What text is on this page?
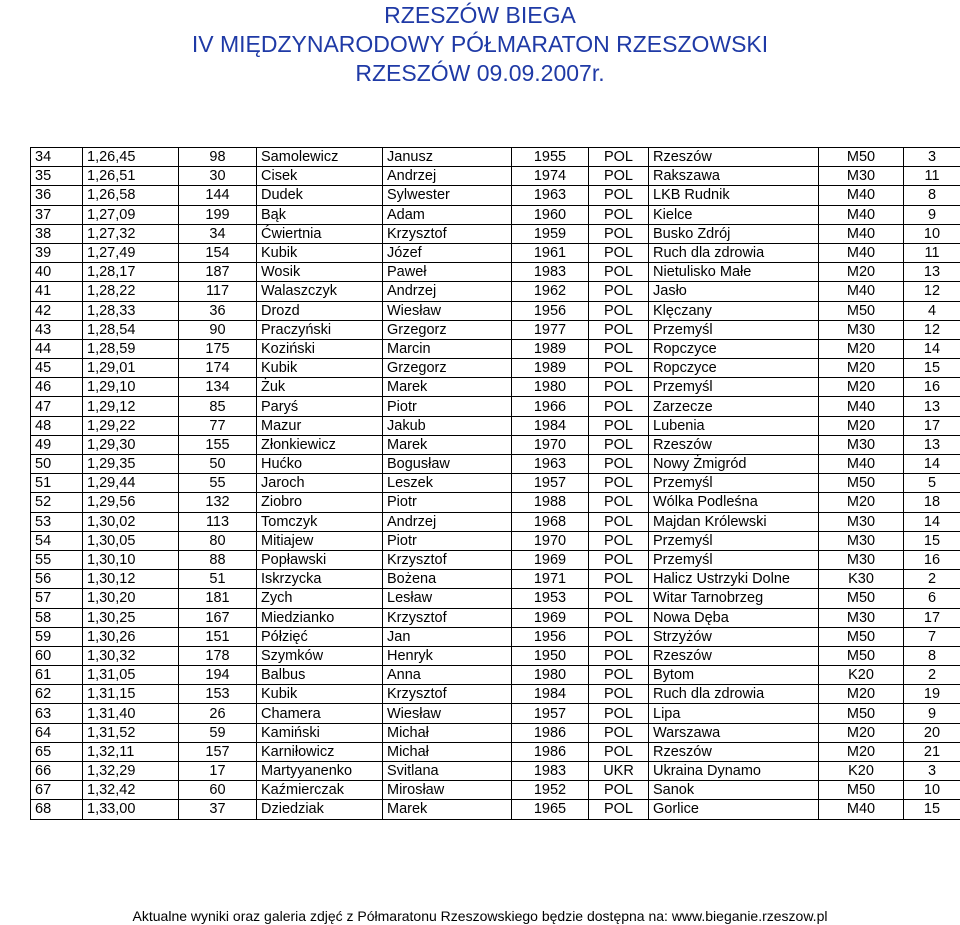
RZESZÓW BIEGA
IV MIĘDZYNARODOWY PÓŁMARATON RZESZOWSKI
RZESZÓW 09.09.2007r.
34	1,26,45	98	Samolewicz	Janusz	1955	POL	Rzeszów	M50	3
35	1,26,51	30	Cisek	Andrzej	1974	POL	Rakszawa	M30	11
36	1,26,58	144	Dudek	Sylwester	1963	POL	LKB Rudnik	M40	8
37	1,27,09	199	Bąk	Adam	1960	POL	Kielce	M40	9
38	1,27,32	34	Ćwiertnia	Krzysztof	1959	POL	Busko Zdrój	M40	10
39	1,27,49	154	Kubik	Józef	1961	POL	Ruch dla zdrowia	M40	11
40	1,28,17	187	Wosik	Paweł	1983	POL	Nietulisko Małe	M20	13
41	1,28,22	117	Walaszczyk	Andrzej	1962	POL	Jasło	M40	12
42	1,28,33	36	Drozd	Wiesław	1956	POL	Klęczany	M50	4
43	1,28,54	90	Praczyński	Grzegorz	1977	POL	Przemyśl	M30	12
44	1,28,59	175	Koziński	Marcin	1989	POL	Ropczyce	M20	14
45	1,29,01	174	Kubik	Grzegorz	1989	POL	Ropczyce	M20	15
46	1,29,10	134	Żuk	Marek	1980	POL	Przemyśl	M20	16
47	1,29,12	85	Paryś	Piotr	1966	POL	Zarzecze	M40	13
48	1,29,22	77	Mazur	Jakub	1984	POL	Lubenia	M20	17
49	1,29,30	155	Złonkiewicz	Marek	1970	POL	Rzeszów	M30	13
50	1,29,35	50	Hućko	Bogusław	1963	POL	Nowy Żmigród	M40	14
51	1,29,44	55	Jaroch	Leszek	1957	POL	Przemyśl	M50	5
52	1,29,56	132	Ziobro	Piotr	1988	POL	Wólka Podleśna	M20	18
53	1,30,02	113	Tomczyk	Andrzej	1968	POL	Majdan Królewski	M30	14
54	1,30,05	80	Mitiajew	Piotr	1970	POL	Przemyśl	M30	15
55	1,30,10	88	Popławski	Krzysztof	1969	POL	Przemyśl	M30	16
56	1,30,12	51	Iskrzycka	Bożena	1971	POL	Halicz Ustrzyki Dolne	K30	2
57	1,30,20	181	Zych	Lesław	1953	POL	Witar Tarnobrzeg	M50	6
58	1,30,25	167	Miedzianko	Krzysztof	1969	POL	Nowa Dęba	M30	17
59	1,30,26	151	Półzięć	Jan	1956	POL	Strzyżów	M50	7
60	1,30,32	178	Szymków	Henryk	1950	POL	Rzeszów	M50	8
61	1,31,05	194	Balbus	Anna	1980	POL	Bytom	K20	2
62	1,31,15	153	Kubik	Krzysztof	1984	POL	Ruch dla zdrowia	M20	19
63	1,31,40	26	Chamera	Wiesław	1957	POL	Lipa	M50	9
64	1,31,52	59	Kamiński	Michał	1986	POL	Warszawa	M20	20
65	1,32,11	157	Karniłowicz	Michał	1986	POL	Rzeszów	M20	21
66	1,32,29	17	Martyyanenko	Svitlana	1983	UKR	Ukraina Dynamo	K20	3
67	1,32,42	60	Kaźmierczak	Mirosław	1952	POL	Sanok	M50	10
68	1,33,00	37	Dziedziak	Marek	1965	POL	Gorlice	M40	15
Aktualne wyniki oraz galeria zdjęć z Półmaratonu Rzeszowskiego będzie dostępna na: www.bieganie.rzeszow.pl
